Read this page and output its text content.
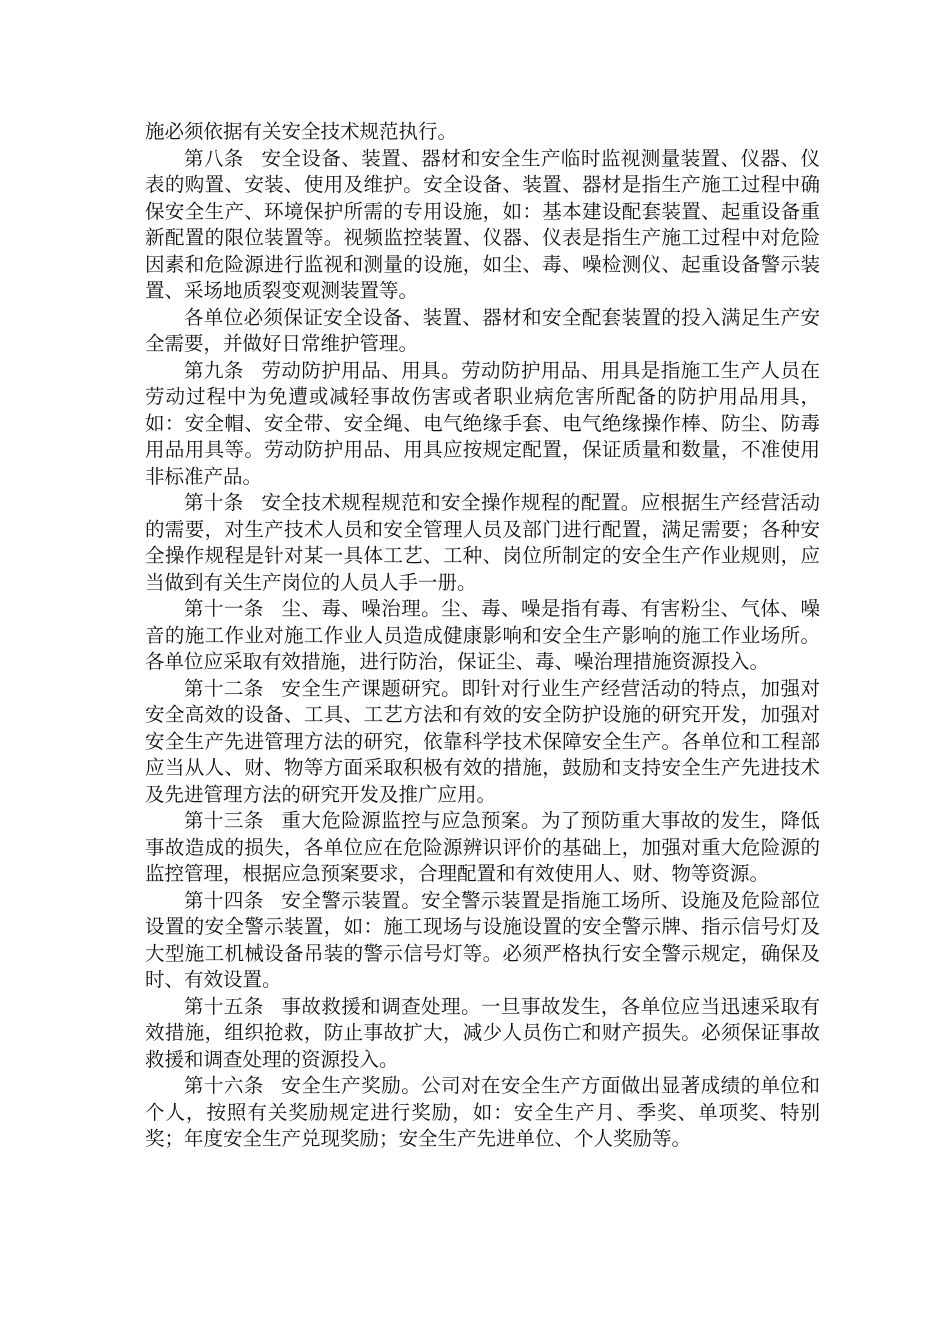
施必须依据有关安全技术规范执行。

第八条 安全设备、装置、器材和安全生产临时监视测量装置、仪器、仪表的购置、安装、使用及维护。安全设备、装置、器材是指生产施工过程中确保安全生产、环境保护所需的专用设施，如：基本建设配套装置、起重设备重新配置的限位装置等。视频监控装置、仪器、仪表是指生产施工过程中对危险因素和危险源进行监视和测量的设施，如尘、毒、噪检测仪、起重设备警示装置、采场地质裂变观测装置等。

各单位必须保证安全设备、装置、器材和安全配套装置的投入满足生产安全需要，并做好日常维护管理。

第九条 劳动防护用品、用具。劳动防护用品、用具是指施工生产人员在劳动过程中为免遭或减轻事故伤害或者职业病危害所配备的防护用品用具，如：安全帽、安全带、安全绳、电气绝缘手套、电气绝缘操作棒、防尘、防毒用品用具等。劳动防护用品、用具应按规定配置，保证质量和数量，不准使用非标准产品。

第十条 安全技术规程规范和安全操作规程的配置。应根据生产经营活动的需要，对生产技术人员和安全管理人员及部门进行配置，满足需要；各种安全操作规程是针对某一具体工艺、工种、岗位所制定的安全生产作业规则，应当做到有关生产岗位的人员人手一册。

第十一条 尘、毒、噪治理。尘、毒、噪是指有毒、有害粉尘、气体、噪音的施工作业对施工作业人员造成健康影响和安全生产影响的施工作业场所。各单位应采取有效措施，进行防治，保证尘、毒、噪治理措施资源投入。

第十二条 安全生产课题研究。即针对行业生产经营活动的特点，加强对安全高效的设备、工具、工艺方法和有效的安全防护设施的研究开发，加强对安全生产先进管理方法的研究，依靠科学技术保障安全生产。各单位和工程部应当从人、财、物等方面采取积极有效的措施，鼓励和支持安全生产先进技术及先进管理方法的研究开发及推广应用。

第十三条 重大危险源监控与应急预案。为了预防重大事故的发生，降低事故造成的损失，各单位应在危险源辨识评价的基础上，加强对重大危险源的监控管理，根据应急预案要求，合理配置和有效使用人、财、物等资源。

第十四条 安全警示装置。安全警示装置是指施工场所、设施及危险部位设置的安全警示装置，如：施工现场与设施设置的安全警示牌、指示信号灯及大型施工机械设备吊装的警示信号灯等。必须严格执行安全警示规定，确保及时、有效设置。

第十五条 事故救援和调查处理。一旦事故发生，各单位应当迅速采取有效措施，组织抢救，防止事故扩大，减少人员伤亡和财产损失。必须保证事故救援和调查处理的资源投入。

第十六条 安全生产奖励。公司对在安全生产方面做出显著成绩的单位和个人，按照有关奖励规定进行奖励，如：安全生产月、季奖、单项奖、特别奖；年度安全生产兑现奖励；安全生产先进单位、个人奖励等。
